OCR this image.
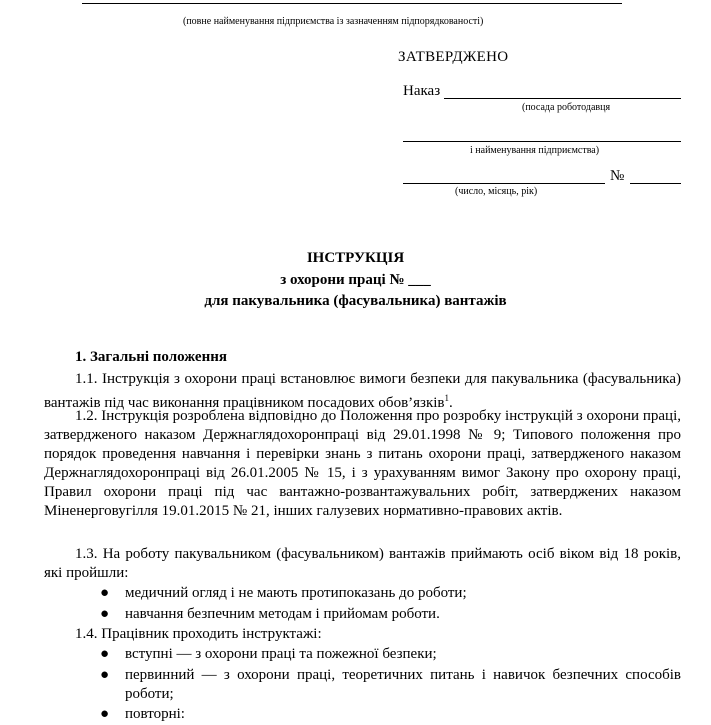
(повне найменування підприємства із зазначенням підпорядкованості)
ЗАТВЕРДЖЕНО
Наказ
(посада роботодавця
і найменування підприємства)
№
(число, місяць, рік)
ІНСТРУКЦІЯ
з охорони праці № ___
для пакувальника (фасувальника) вантажів
1. Загальні положення
1.1. Інструкція з охорони праці встановлює вимоги безпеки для пакувальника (фасувальника) вантажів під час виконання працівником посадових обов’язків$^1$.
1.2. Інструкція розроблена відповідно до Положення про розробку інструкцій з охорони праці, затвердженого наказом Держнаглядохоронпраці від 29.01.1998 № 9; Типового положення про порядок проведення навчання і перевірки знань з питань охорони праці, затвердженого наказом Держнаглядохоронпраці від 26.01.2005 № 15, і з урахуванням вимог Закону про охорону праці, Правил охорони праці під час вантажно-розвантажувальних робіт, затверджених наказом Міненерговугілля 19.01.2015 № 21, інших галузевих нормативно-правових актів.
1.3. На роботу пакувальником (фасувальником) вантажів приймають осіб віком від 18 років, які пройшли:
● медичний огляд і не мають протипоказань до роботи;
● навчання безпечним методам і прийомам роботи.
1.4. Працівник проходить інструктажі:
● вступні — з охорони праці та пожежної безпеки;
● первинний — з охорони праці, теоретичних питань і навичок безпечних способів роботи;
● повторні:
